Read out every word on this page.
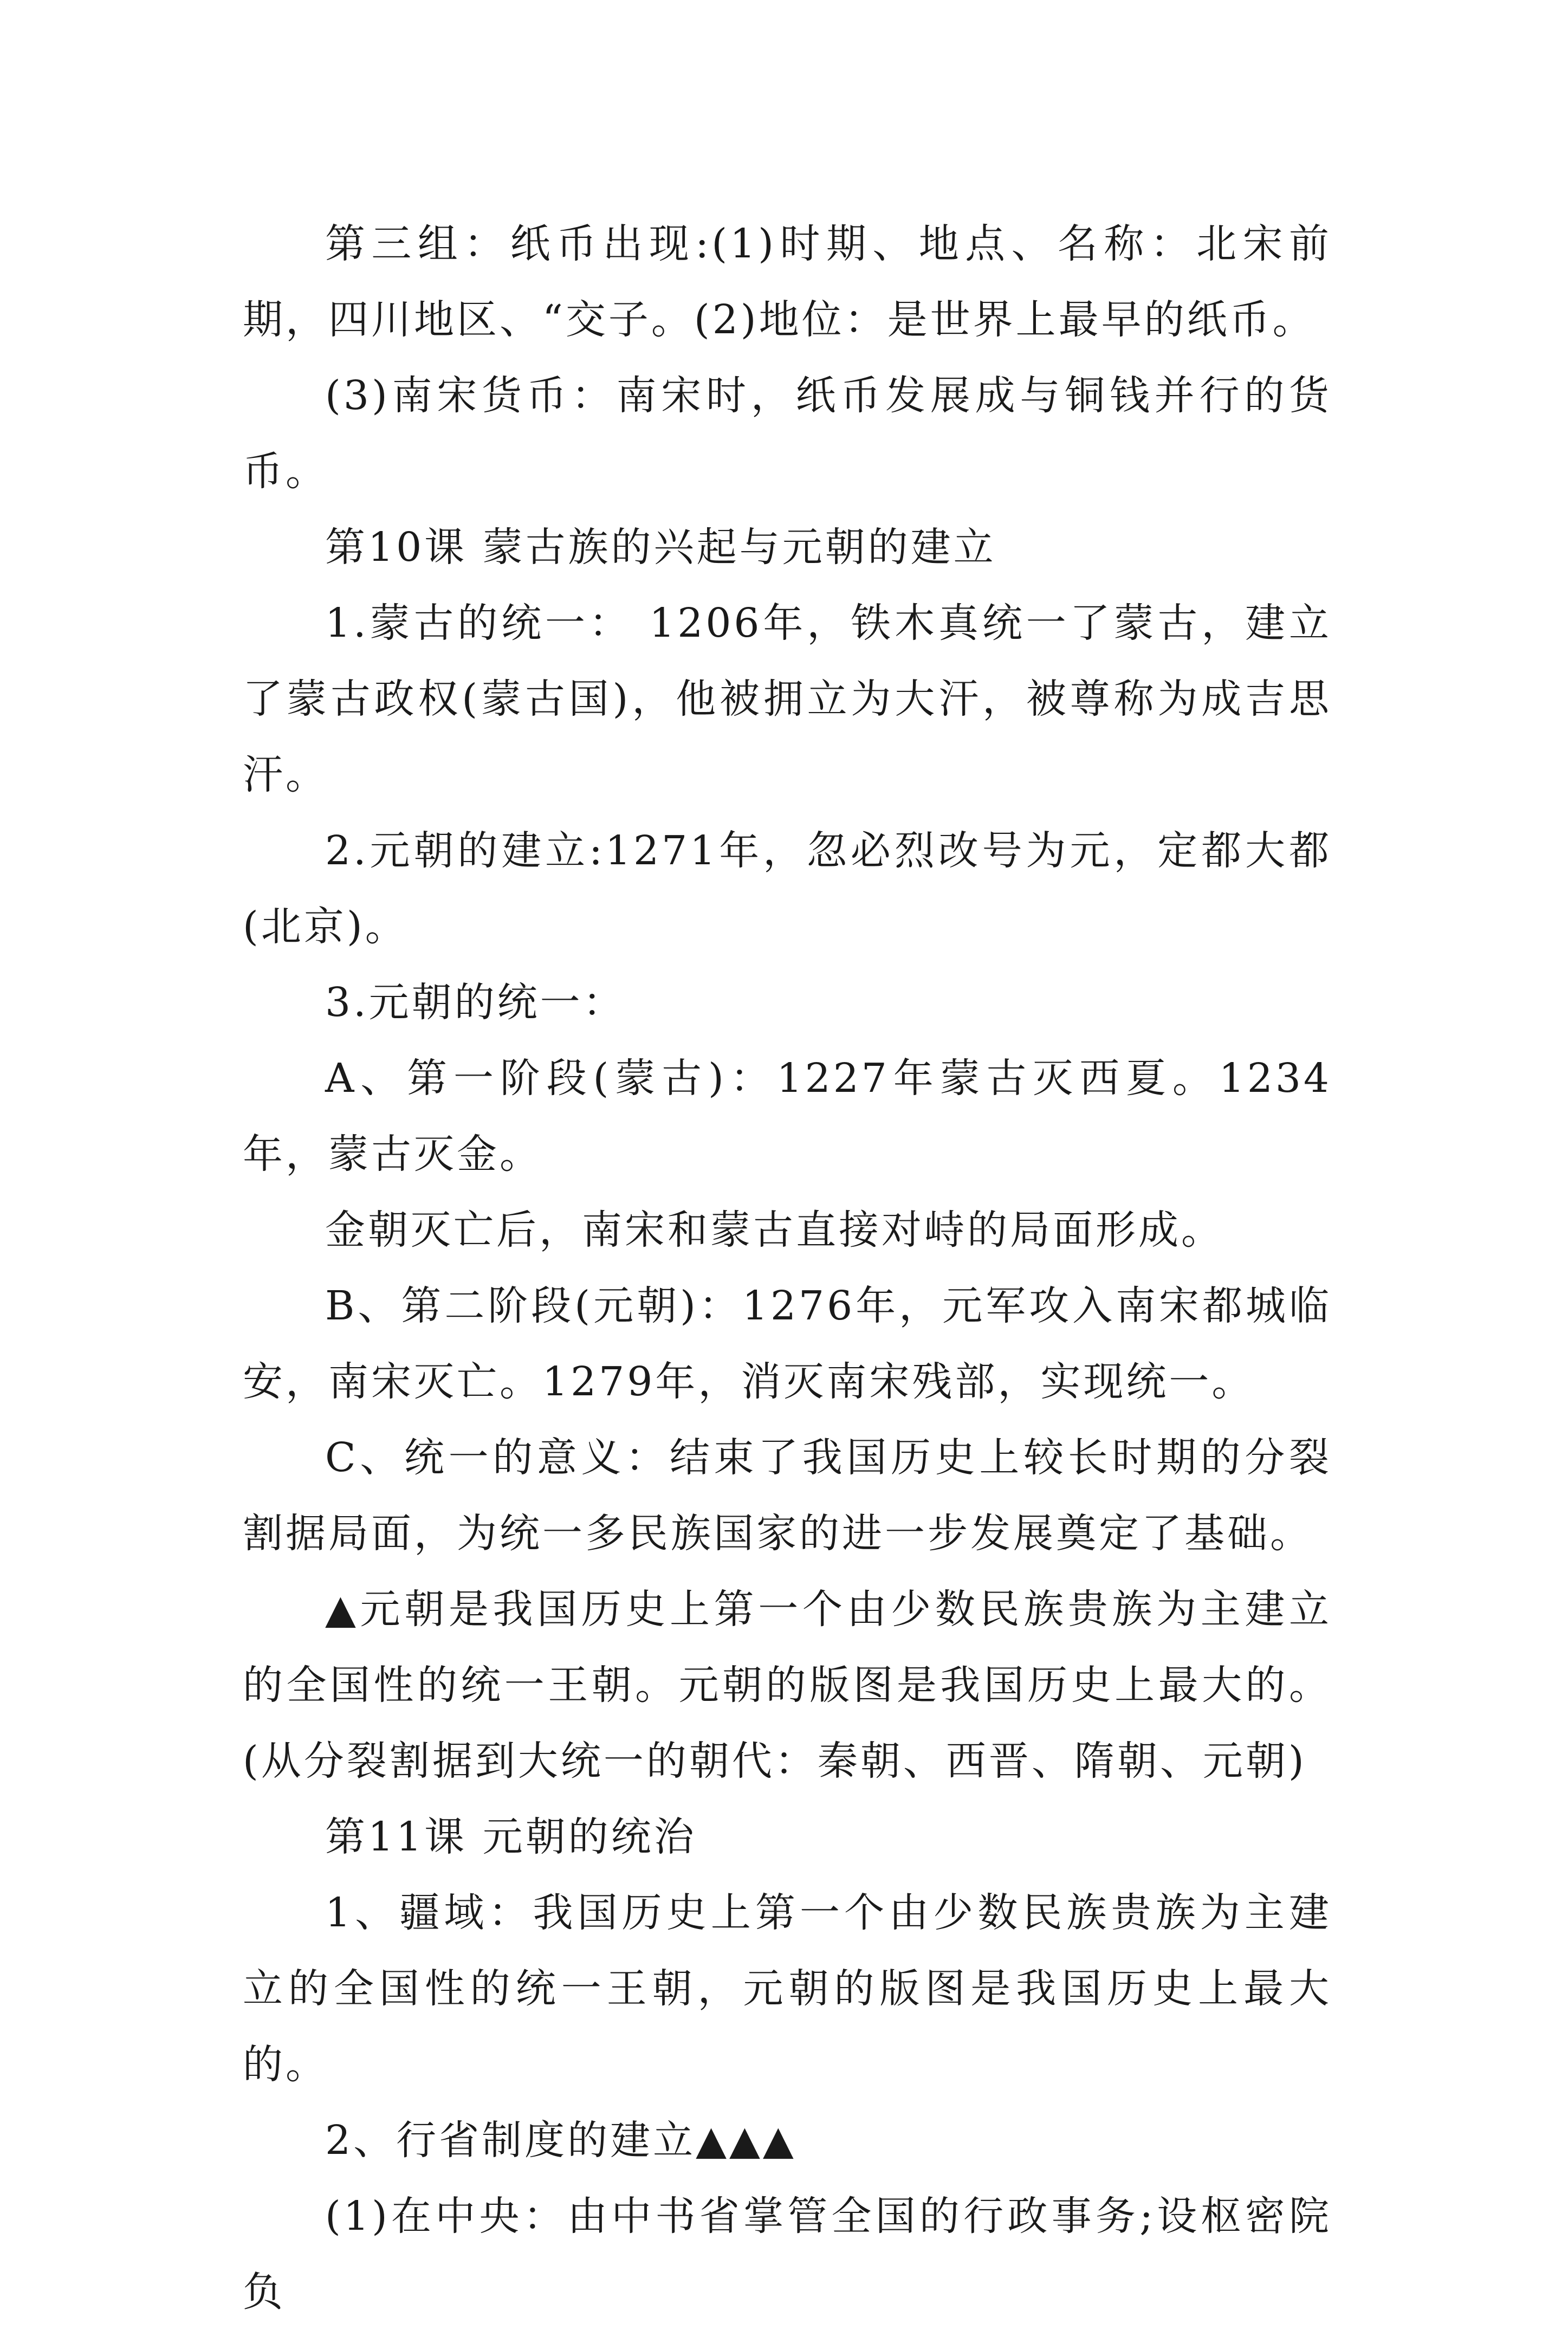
第三组：纸币出现:(1)时期、地点、名称：北宋前期，四川地区、“交子。(2)地位：是世界上最早的纸币。

(3)南宋货币：南宋时，纸币发展成与铜钱并行的货币。

第10课 蒙古族的兴起与元朝的建立

1.蒙古的统一： 1206年，铁木真统一了蒙古，建立了蒙古政权(蒙古国)，他被拥立为大汗，被尊称为成吉思汗。

2.元朝的建立:1271年，忽必烈改号为元，定都大都(北京)。

3.元朝的统一：

A、第一阶段(蒙古)：1227年蒙古灭西夏。1234年，蒙古灭金。

金朝灭亡后，南宋和蒙古直接对峙的局面形成。

B、第二阶段(元朝)：1276年，元军攻入南宋都城临安，南宋灭亡。1279年，消灭南宋残部，实现统一。

C、统一的意义：结束了我国历史上较长时期的分裂割据局面，为统一多民族国家的进一步发展奠定了基础。

▲元朝是我国历史上第一个由少数民族贵族为主建立的全国性的统一王朝。元朝的版图是我国历史上最大的。(从分裂割据到大统一的朝代：秦朝、西晋、隋朝、元朝)

第11课 元朝的统治

1、疆域：我国历史上第一个由少数民族贵族为主建立的全国性的统一王朝，元朝的版图是我国历史上最大的。

2、行省制度的建立▲▲▲

(1)在中央：由中书省掌管全国的行政事务;设枢密院负
